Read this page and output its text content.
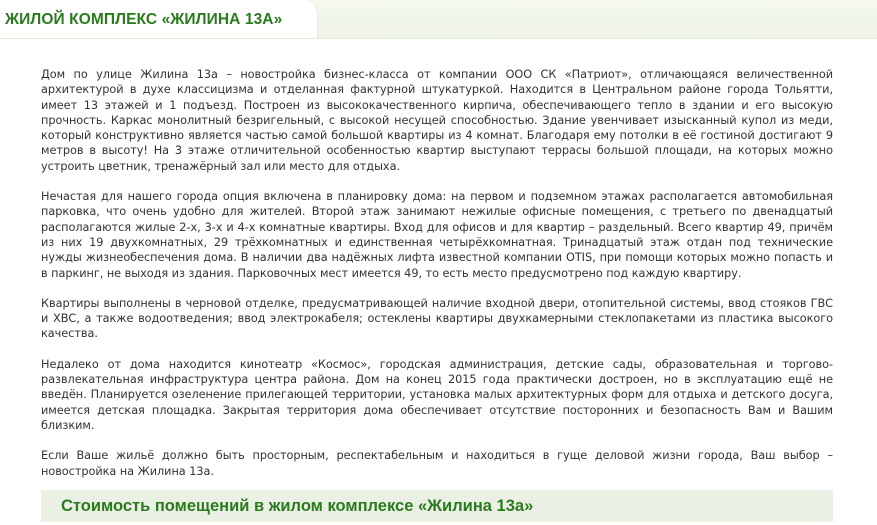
ЖИЛОЙ КОМПЛЕКС «ЖИЛИНА 13А»

Дом по улице Жилина 13а – новостройка бизнес-класса от компании ООО СК «Патриот», отличающаяся величественной архитектурой в духе классицизма и отделанная фактурной штукатуркой. Находится в Центральном районе города Тольятти, имеет 13 этажей и 1 подъезд. Построен из высококачественного кирпича, обеспечивающего тепло в здании и его высокую прочность. Каркас монолитный безригельный, с высокой несущей способностью. Здание увенчивает изысканный купол из меди, который конструктивно является частью самой большой квартиры из 4 комнат. Благодаря ему потолки в её гостиной достигают 9 метров в высоту! На 3 этаже отличительной особенностью квартир выступают террасы большой площади, на которых можно устроить цветник, тренажёрный зал или место для отдыха.

Нечастая для нашего города опция включена в планировку дома: на первом и подземном этажах располагается автомобильная парковка, что очень удобно для жителей. Второй этаж занимают нежилые офисные помещения, с третьего по двенадцатый располагаются жилые 2-х, 3-х и 4-х комнатные квартиры. Вход для офисов и для квартир – раздельный. Всего квартир 49, причём из них 19 двухкомнатных, 29 трёхкомнатных и единственная четырёхкомнатная. Тринадцатый этаж отдан под технические нужды жизнеобеспечения дома. В наличии два надёжных лифта известной компании OTIS, при помощи которых можно попасть и в паркинг, не выходя из здания. Парковочных мест имеется 49, то есть место предусмотрено под каждую квартиру.

Квартиры выполнены в черновой отделке, предусматривающей наличие входной двери, отопительной системы, ввод стояков ГВС и ХВС, а также водоотведения; ввод электрокабеля; остеклены квартиры двухкамерными стеклопакетами из пластика высокого качества.

Недалеко от дома находится кинотеатр «Космос», городская администрация, детские сады, образовательная и торгово-развлекательная инфраструктура центра района. Дом на конец 2015 года практически достроен, но в эксплуатацию ещё не введён. Планируется озеленение прилегающей территории, установка малых архитектурных форм для отдыха и детского досуга, имеется детская площадка. Закрытая территория дома обеспечивает отсутствие посторонних и безопасность Вам и Вашим близким.

Если Ваше жильё должно быть просторным, респектабельным и находиться в гуще деловой жизни города, Ваш выбор – новостройка на Жилина 13а.

Стоимость помещений в жилом комплексе «Жилина 13а»
